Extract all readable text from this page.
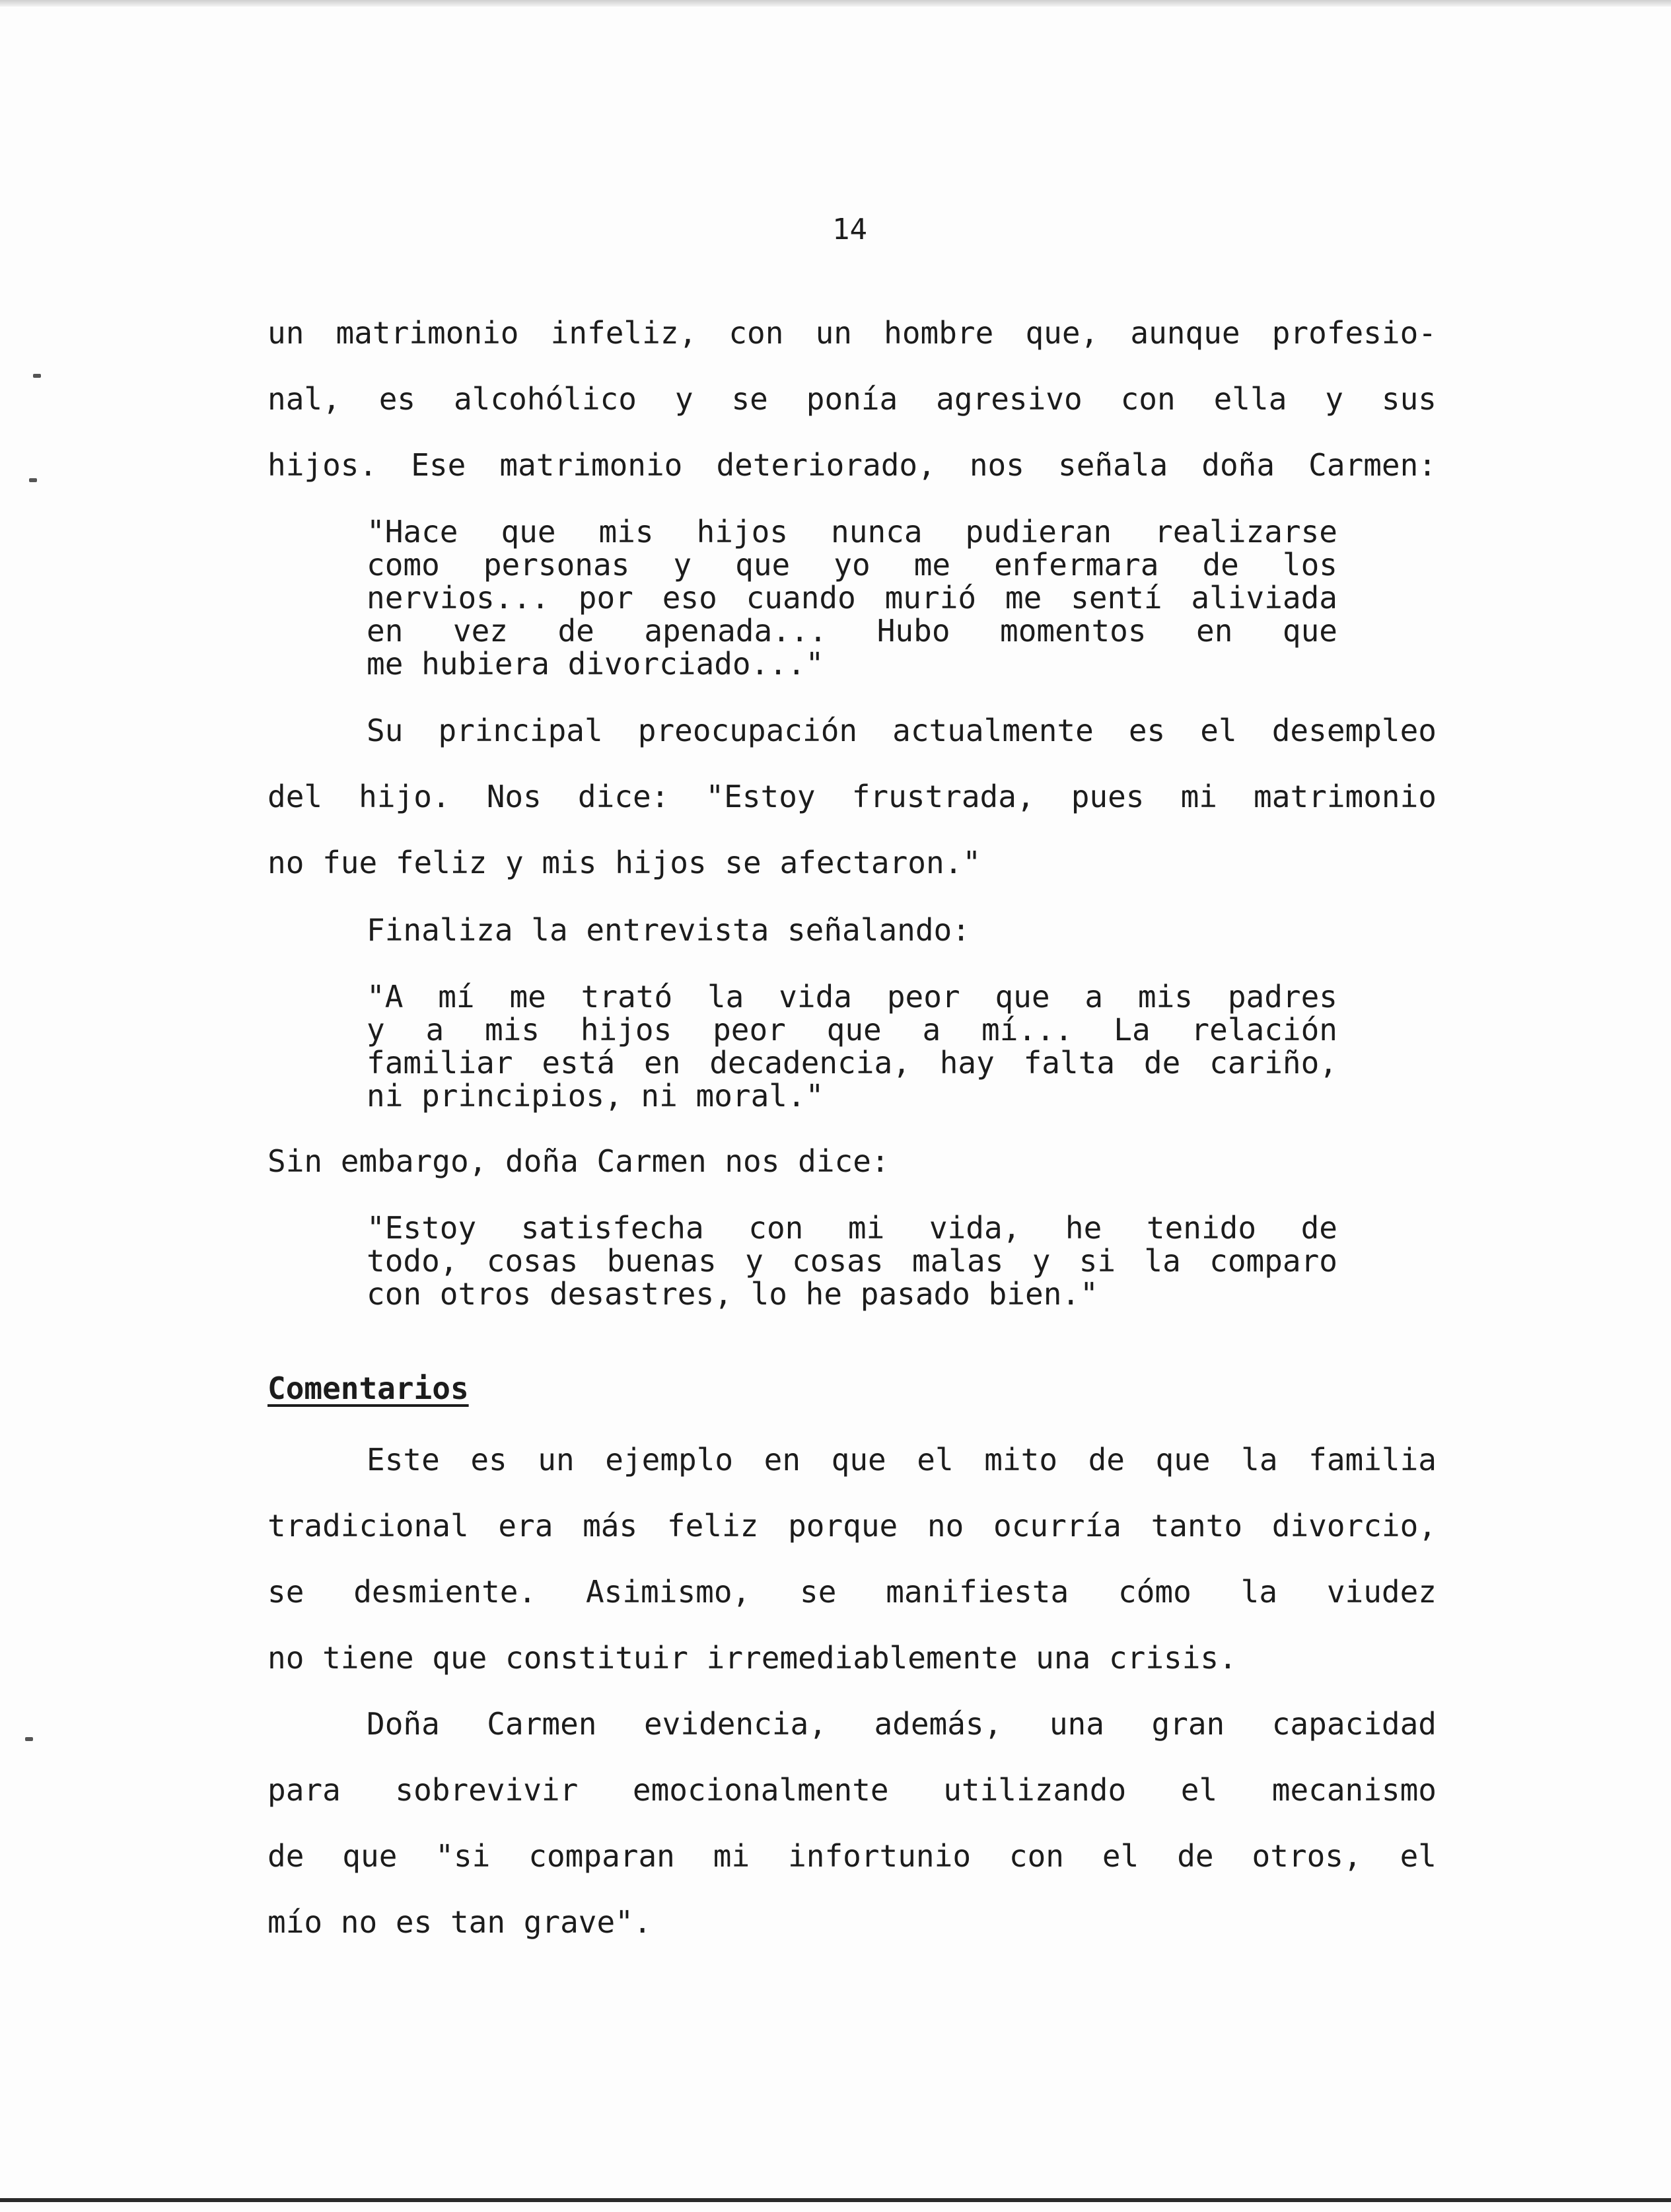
14
un matrimonio infeliz, con un hombre que, aunque profesio-
nal, es alcohólico y se ponía agresivo con ella y sus
hijos. Ese matrimonio deteriorado, nos señala doña Carmen:
"Hace que mis hijos nunca pudieran realizarse
como personas y que yo me enfermara de los
nervios... por eso cuando murió me sentí aliviada
en vez de apenada... Hubo momentos en que
me hubiera divorciado..."
Su principal preocupación actualmente es el desempleo
del hijo. Nos dice: "Estoy frustrada, pues mi matrimonio
no fue feliz y mis hijos se afectaron."
Finaliza la entrevista señalando:
"A mí me trató la vida peor que a mis padres
y a mis hijos peor que a mí... La relación
familiar está en decadencia, hay falta de cariño,
ni principios, ni moral."
Sin embargo, doña Carmen nos dice:
"Estoy satisfecha con mi vida, he tenido de
todo, cosas buenas y cosas malas y si la comparo
con otros desastres, lo he pasado bien."
Comentarios
Este es un ejemplo en que el mito de que la familia
tradicional era más feliz porque no ocurría tanto divorcio,
se desmiente. Asimismo, se manifiesta cómo la viudez
no tiene que constituir irremediablemente una crisis.
Doña Carmen evidencia, además, una gran capacidad
para sobrevivir emocionalmente utilizando el mecanismo
de que "si comparan mi infortunio con el de otros, el
mío no es tan grave".
